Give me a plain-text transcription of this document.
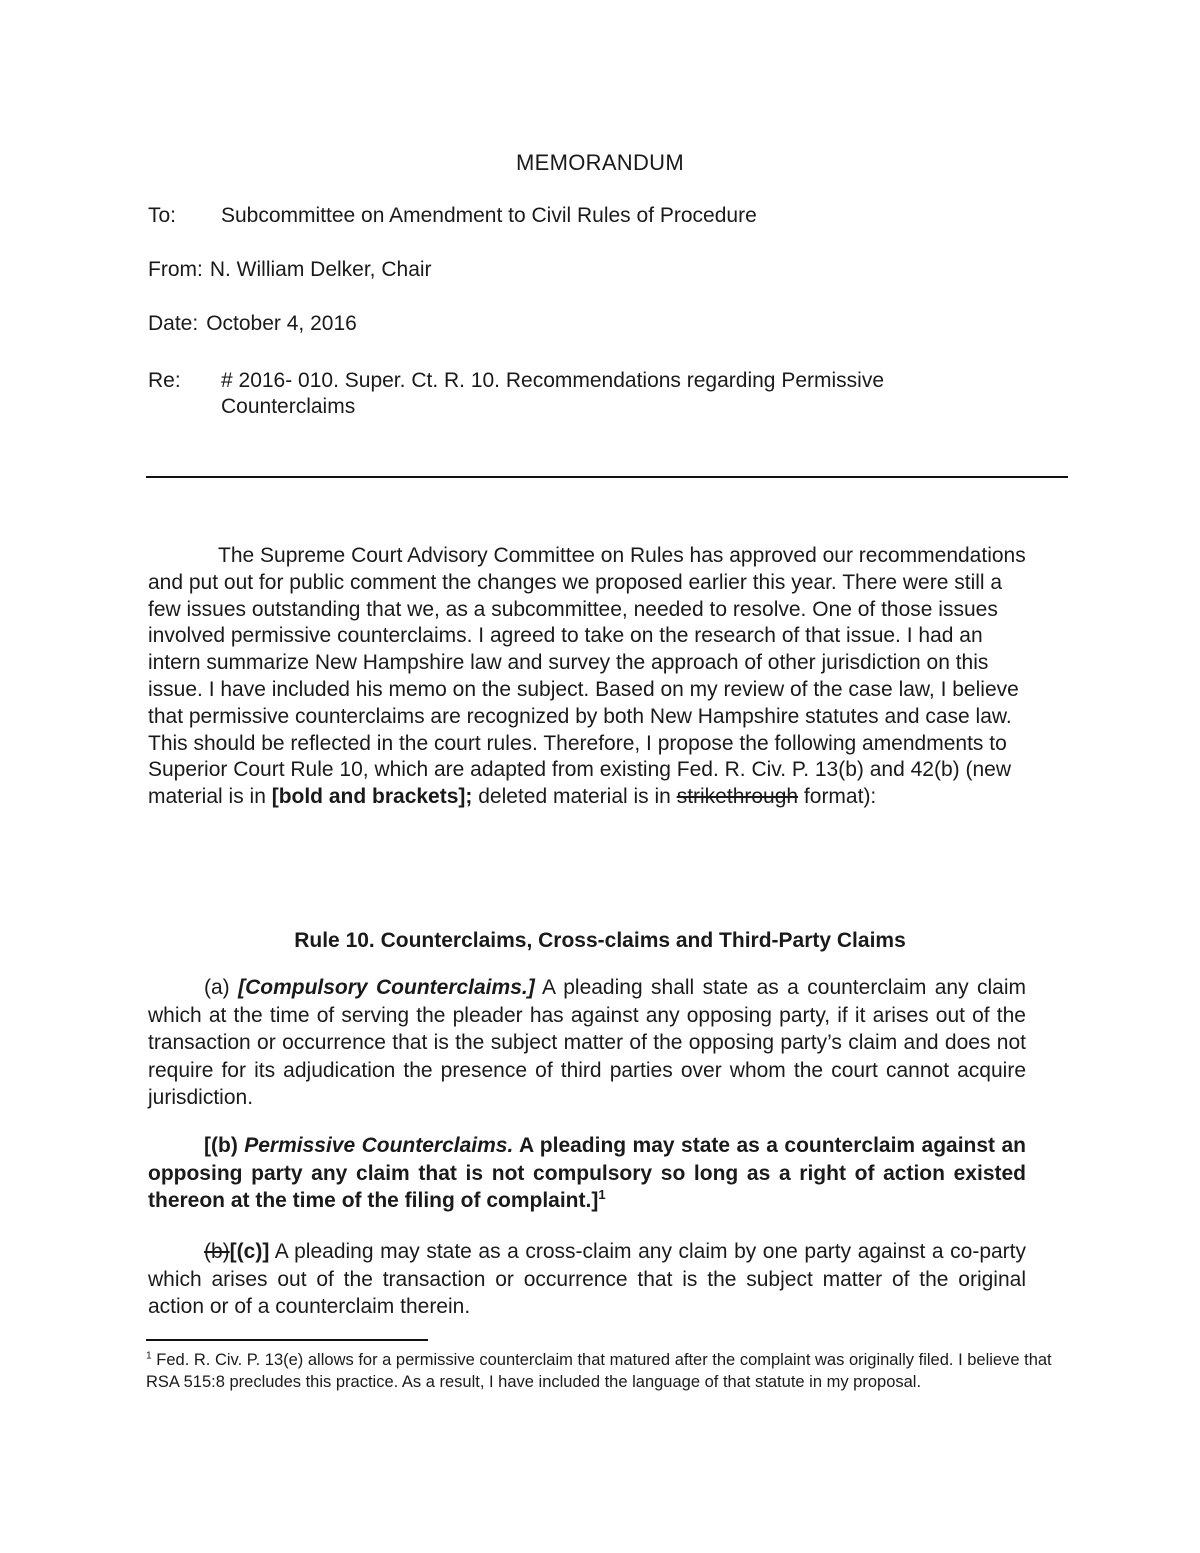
MEMORANDUM
To: Subcommittee on Amendment to Civil Rules of Procedure
From: N. William Delker, Chair
Date: October 4, 2016
Re: # 2016- 010. Super. Ct. R. 10. Recommendations regarding Permissive Counterclaims

The Supreme Court Advisory Committee on Rules has approved our recommendations and put out for public comment the changes we proposed earlier this year. There were still a few issues outstanding that we, as a subcommittee, needed to resolve. One of those issues involved permissive counterclaims. I agreed to take on the research of that issue. I had an intern summarize New Hampshire law and survey the approach of other jurisdiction on this issue. I have included his memo on the subject. Based on my review of the case law, I believe that permissive counterclaims are recognized by both New Hampshire statutes and case law. This should be reflected in the court rules. Therefore, I propose the following amendments to Superior Court Rule 10, which are adapted from existing Fed. R. Civ. P. 13(b) and 42(b) (new material is in [bold and brackets]; deleted material is in strikethrough format):

Rule 10. Counterclaims, Cross-claims and Third-Party Claims

(a) [Compulsory Counterclaims.] A pleading shall state as a counterclaim any claim which at the time of serving the pleader has against any opposing party, if it arises out of the transaction or occurrence that is the subject matter of the opposing party’s claim and does not require for its adjudication the presence of third parties over whom the court cannot acquire jurisdiction.

[(b) Permissive Counterclaims. A pleading may state as a counterclaim against an opposing party any claim that is not compulsory so long as a right of action existed thereon at the time of the filing of complaint.]$^1$

(b)[(c)] A pleading may state as a cross-claim any claim by one party against a co-party which arises out of the transaction or occurrence that is the subject matter of the original action or of a counterclaim therein.

$^1$ Fed. R. Civ. P. 13(e) allows for a permissive counterclaim that matured after the complaint was originally filed. I believe that RSA 515:8 precludes this practice. As a result, I have included the language of that statute in my proposal.
